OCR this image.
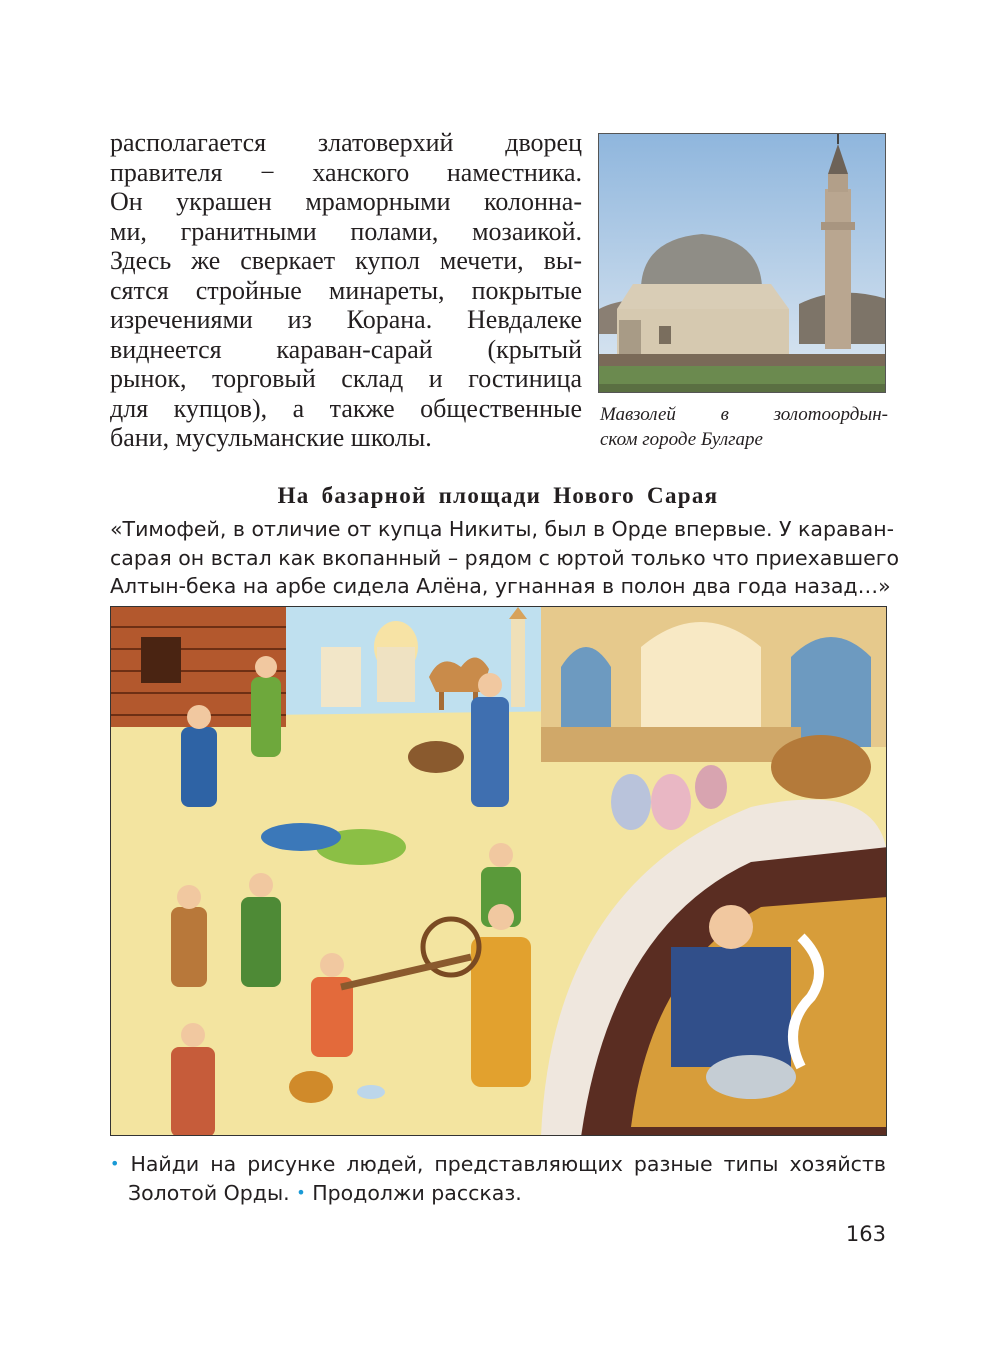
располагается златоверхий дворец
правителя − ханского наместника.
Он украшен мраморными колонна-
ми, гранитными полами, мозаикой.
Здесь же сверкает купол мечети, вы-
сятся стройные минареты, покрытые
изречениями из Корана. Невдалеке
виднеется караван-сарай (крытый
рынок, торговый склад и гостиница
для купцов), а также общественные
бани, мусульманские школы.
Мавзолей в золотоордын-
ском городе Булгаре
На базарной площади Нового Сарая
«Тимофей, в отличие от купца Никиты, был в Орде впервые. У караван-
сарая он встал как вкопанный – рядом с юртой только что приехавшего
Алтын-бека на арбе сидела Алёна, угнанная в полон два года назад…»
• Найди на рисунке людей, представляющих разные типы хозяйств
Золотой Орды. • Продолжи рассказ.

163
